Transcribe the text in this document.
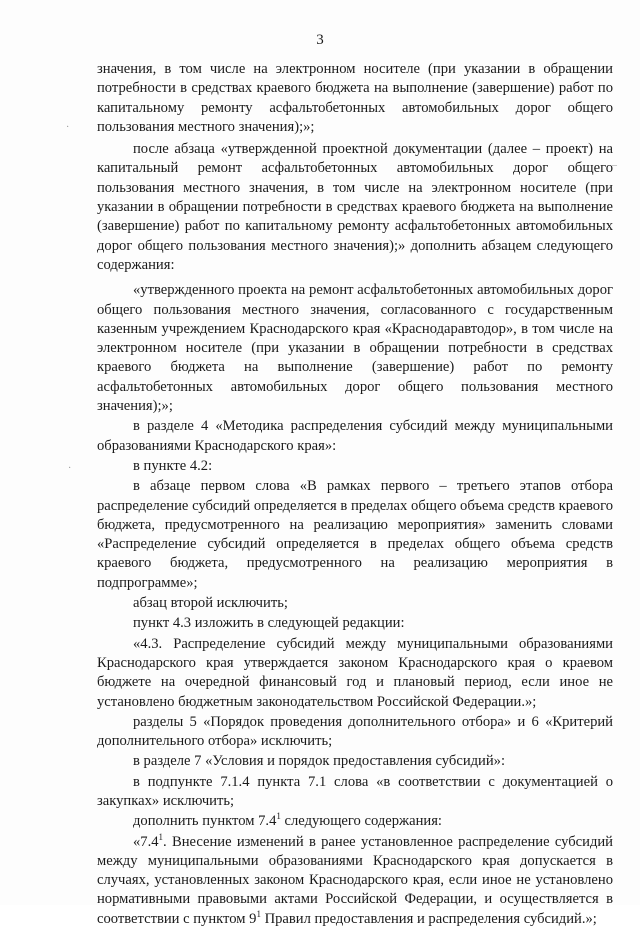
3
·
–
·

значения, в том числе на электронном носителе (при указании в обращении потребности в средствах краевого бюджета на выполнение (завершение) работ по капитальному ремонту асфальтобетонных автомобильных дорог общего пользования местного значения);»;

после абзаца «утвержденной проектной документации (далее – проект) на капитальный ремонт асфальтобетонных автомобильных дорог общего пользования местного значения, в том числе на электронном носителе (при указании в обращении потребности в средствах краевого бюджета на выполнение (завершение) работ по капитальному ремонту асфальтобетонных автомобильных дорог общего пользования местного значения);» дополнить абзацем следующего содержания:

«утвержденного проекта на ремонт асфальтобетонных автомобильных дорог общего пользования местного значения, согласованного с государственным казенным учреждением Краснодарского края «Краснодаравтодор», в том числе на электронном носителе (при указании в обращении потребности в средствах краевого бюджета на выполнение (завершение) работ по ремонту асфальтобетонных автомобильных дорог общего пользования местного значения);»;

в разделе 4 «Методика распределения субсидий между муниципальными образованиями Краснодарского края»:

в пункте 4.2:

в абзаце первом слова «В рамках первого – третьего этапов отбора распределение субсидий определяется в пределах общего объема средств краевого бюджета, предусмотренного на реализацию мероприятия» заменить словами «Распределение субсидий определяется в пределах общего объема средств краевого бюджета, предусмотренного на реализацию мероприятия в подпрограмме»;

абзац второй исключить;

пункт 4.3 изложить в следующей редакции:

«4.3. Распределение субсидий между муниципальными образованиями Краснодарского края утверждается законом Краснодарского края о краевом бюджете на очередной финансовый год и плановый период, если иное не установлено бюджетным законодательством Российской Федерации.»;

разделы 5 «Порядок проведения дополнительного отбора» и 6 «Критерий дополнительного отбора» исключить;

в разделе 7 «Условия и порядок предоставления субсидий»:

в подпункте 7.1.4 пункта 7.1 слова «в соответствии с документацией о закупках» исключить;

дополнить пунктом $7.4^1$ следующего содержания:

«$7.4^1$. Внесение изменений в ранее установленное распределение субсидий между муниципальными образованиями Краснодарского края допускается в случаях, установленных законом Краснодарского края, если иное не установлено нормативными правовыми актами Российской Федерации, и осуществляется в соответствии с пунктом $9^1$ Правил предоставления и распределения субсидий.»;
